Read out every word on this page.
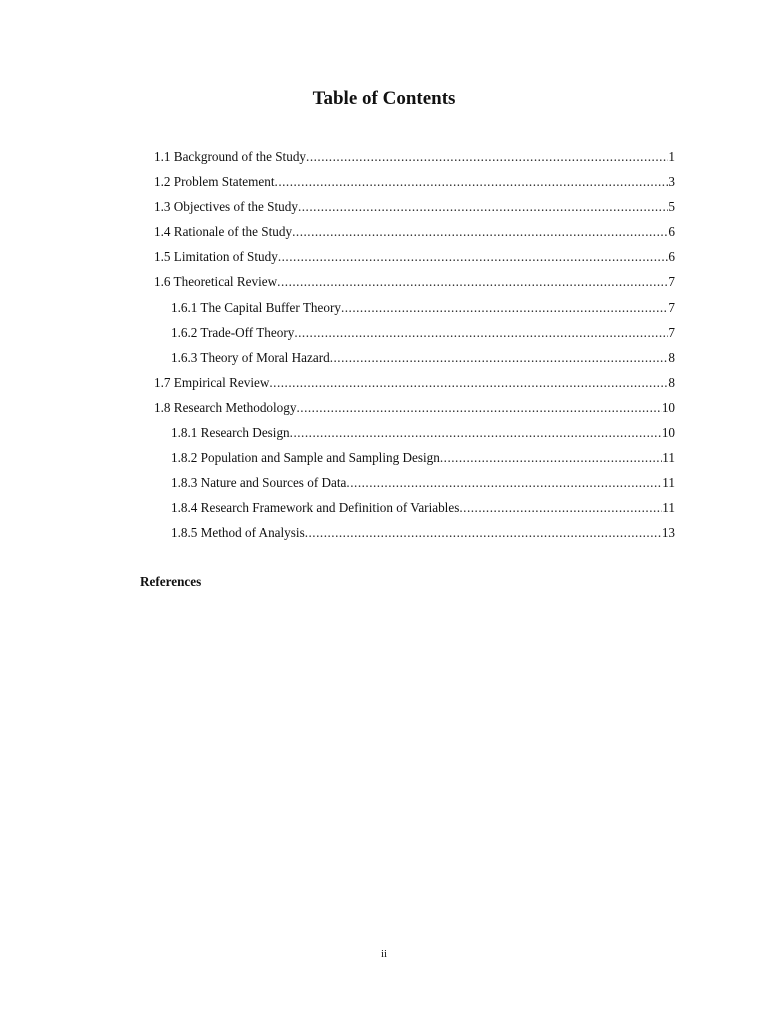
Table of Contents
1.1 Background of the Study .....	1
1.2 Problem Statement .....	3
1.3 Objectives of the Study .....	5
1.4 Rationale of the Study .....	6
1.5 Limitation of Study .....	6
1.6 Theoretical Review .....	7
1.6.1 The Capital Buffer Theory .....	7
1.6.2 Trade-Off Theory .....	7
1.6.3 Theory of Moral Hazard .....	8
1.7 Empirical Review .....	8
1.8 Research Methodology .....	10
1.8.1 Research Design .....	10
1.8.2 Population and Sample and Sampling Design .....	11
1.8.3 Nature and Sources of Data .....	11
1.8.4 Research Framework and Definition of Variables .....	11
1.8.5 Method of Analysis .....	13
References
ii
